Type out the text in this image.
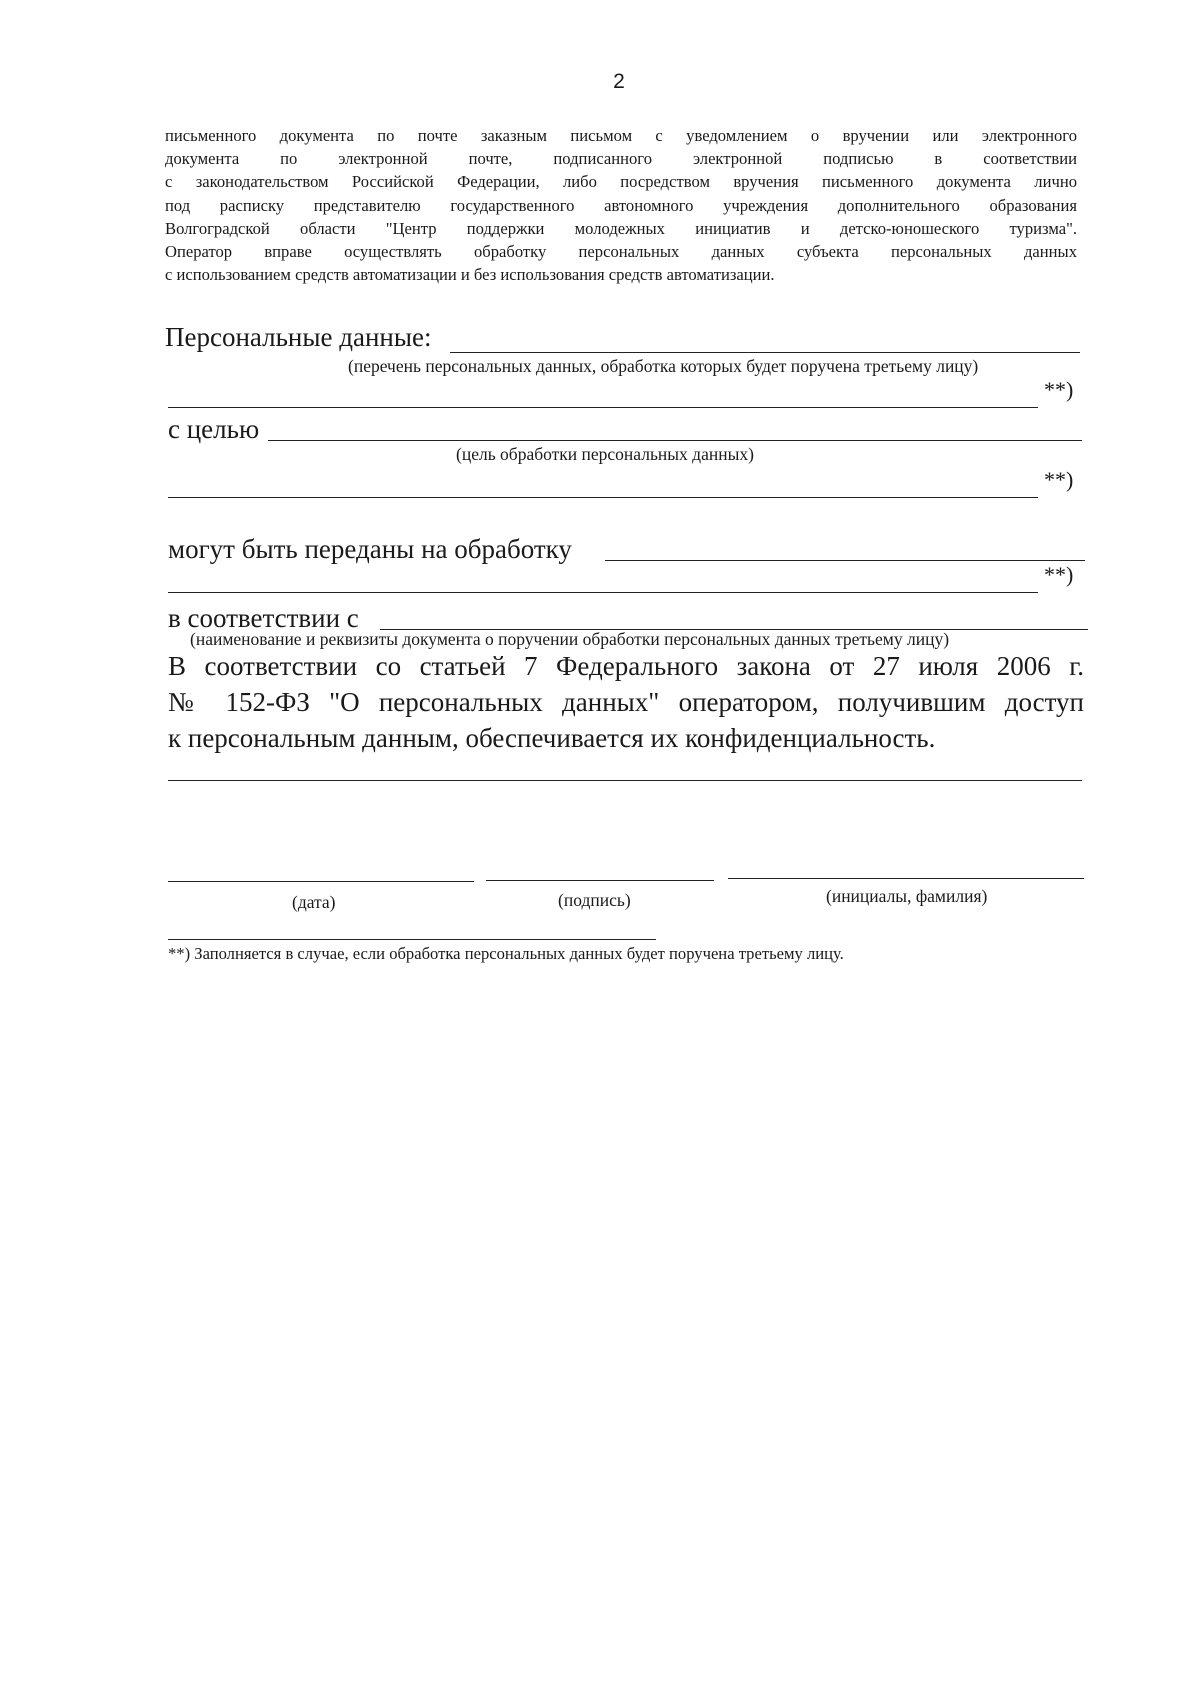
2

письменного документа по почте заказным письмом с уведомлением о вручении или электронного

документа по электронной почте, подписанного электронной подписью в соответствии

с законодательством Российской Федерации, либо посредством вручения письменного документа лично

под расписку представителю государственного автономного учреждения дополнительного образования

Волгоградской области "Центр поддержки молодежных инициатив и детско-юношеского туризма".

Оператор вправе осуществлять обработку персональных данных субъекта персональных данных

с использованием средств автоматизации и без использования средств автоматизации.

Персональные данные:
(перечень персональных данных, обработка которых будет поручена третьему лицу)
**)
с целью
(цель обработки персональных данных)
**)
могут быть переданы на обработку
**)
в соответствии с
(наименование и реквизиты документа о поручении обработки персональных данных третьему лицу)

В соответствии со статьей 7 Федерального закона от 27 июля 2006 г.

№ 152-ФЗ "О персональных данных" оператором, получившим доступ

к персональным данным, обеспечивается их конфиденциальность.

(дата)	(подпись)	(инициалы, фамилия)
**) Заполняется в случае, если обработка персональных данных будет поручена третьему лицу.
